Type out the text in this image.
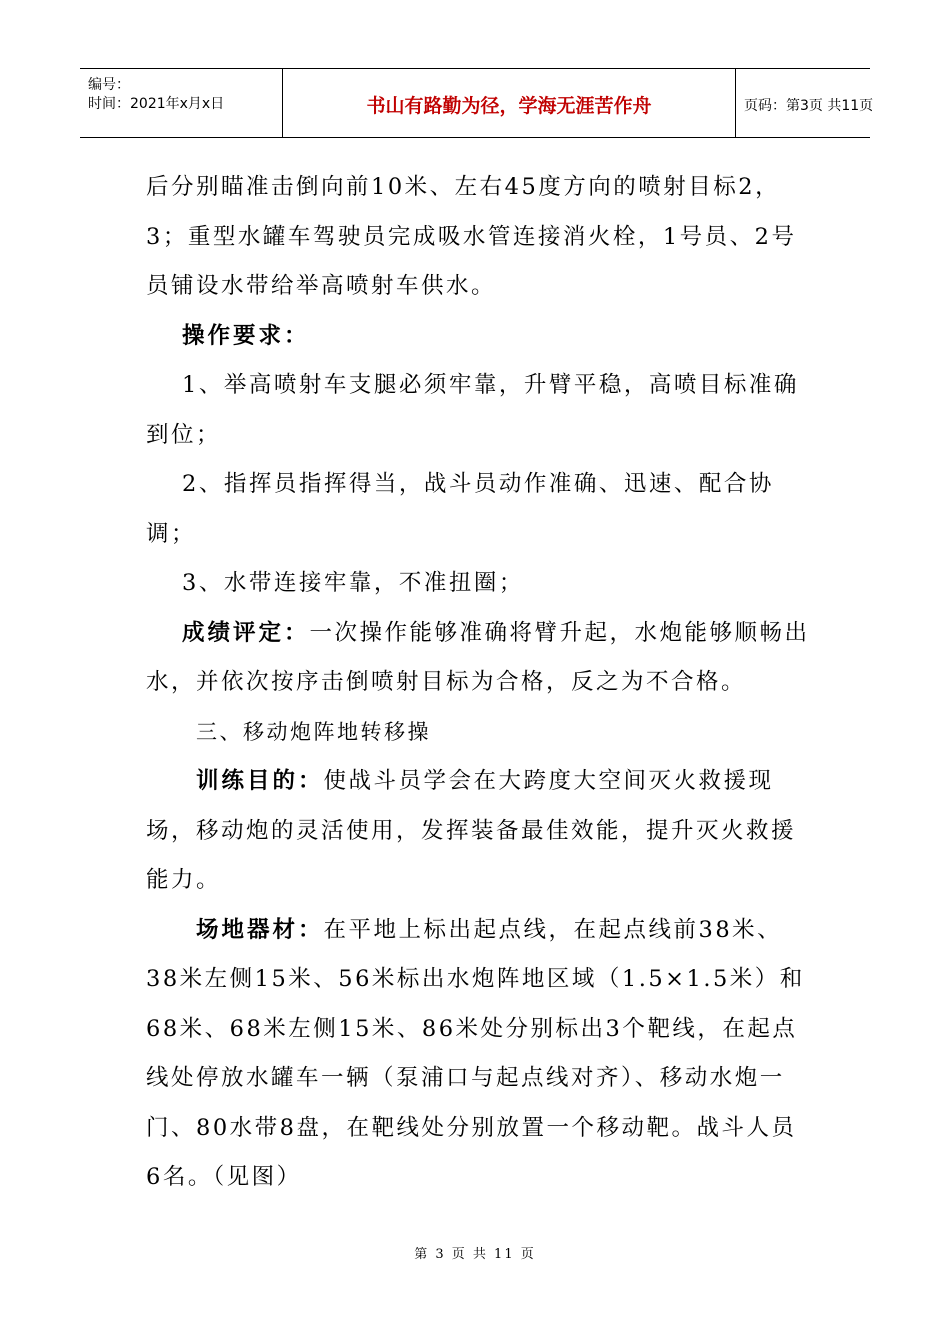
编号：
时间：2021年x月x日	书山有路勤为径，学海无涯苦作舟	页码：第3页 共11页

后分别瞄准击倒向前10米、左右45度方向的喷射目标2，3；重型水罐车驾驶员完成吸水管连接消火栓，1号员、2号员铺设水带给举高喷射车供水。

操作要求：

1、举高喷射车支腿必须牢靠，升臂平稳，高喷目标准确到位；

2、指挥员指挥得当，战斗员动作准确、迅速、配合协调；

3、水带连接牢靠，不准扭圈；

成绩评定：一次操作能够准确将臂升起，水炮能够顺畅出水，并依次按序击倒喷射目标为合格，反之为不合格。

三、移动炮阵地转移操

训练目的：使战斗员学会在大跨度大空间灭火救援现场，移动炮的灵活使用，发挥装备最佳效能，提升灭火救援能力。

场地器材：在平地上标出起点线，在起点线前38米、38米左侧15米、56米标出水炮阵地区域（1.5×1.5米）和68米、68米左侧15米、86米处分别标出3个靶线，在起点线处停放水罐车一辆（泵浦口与起点线对齐）、移动水炮一门、80水带8盘，在靶线处分别放置一个移动靶。战斗人员6名。（见图）

第 3 页 共 11 页
